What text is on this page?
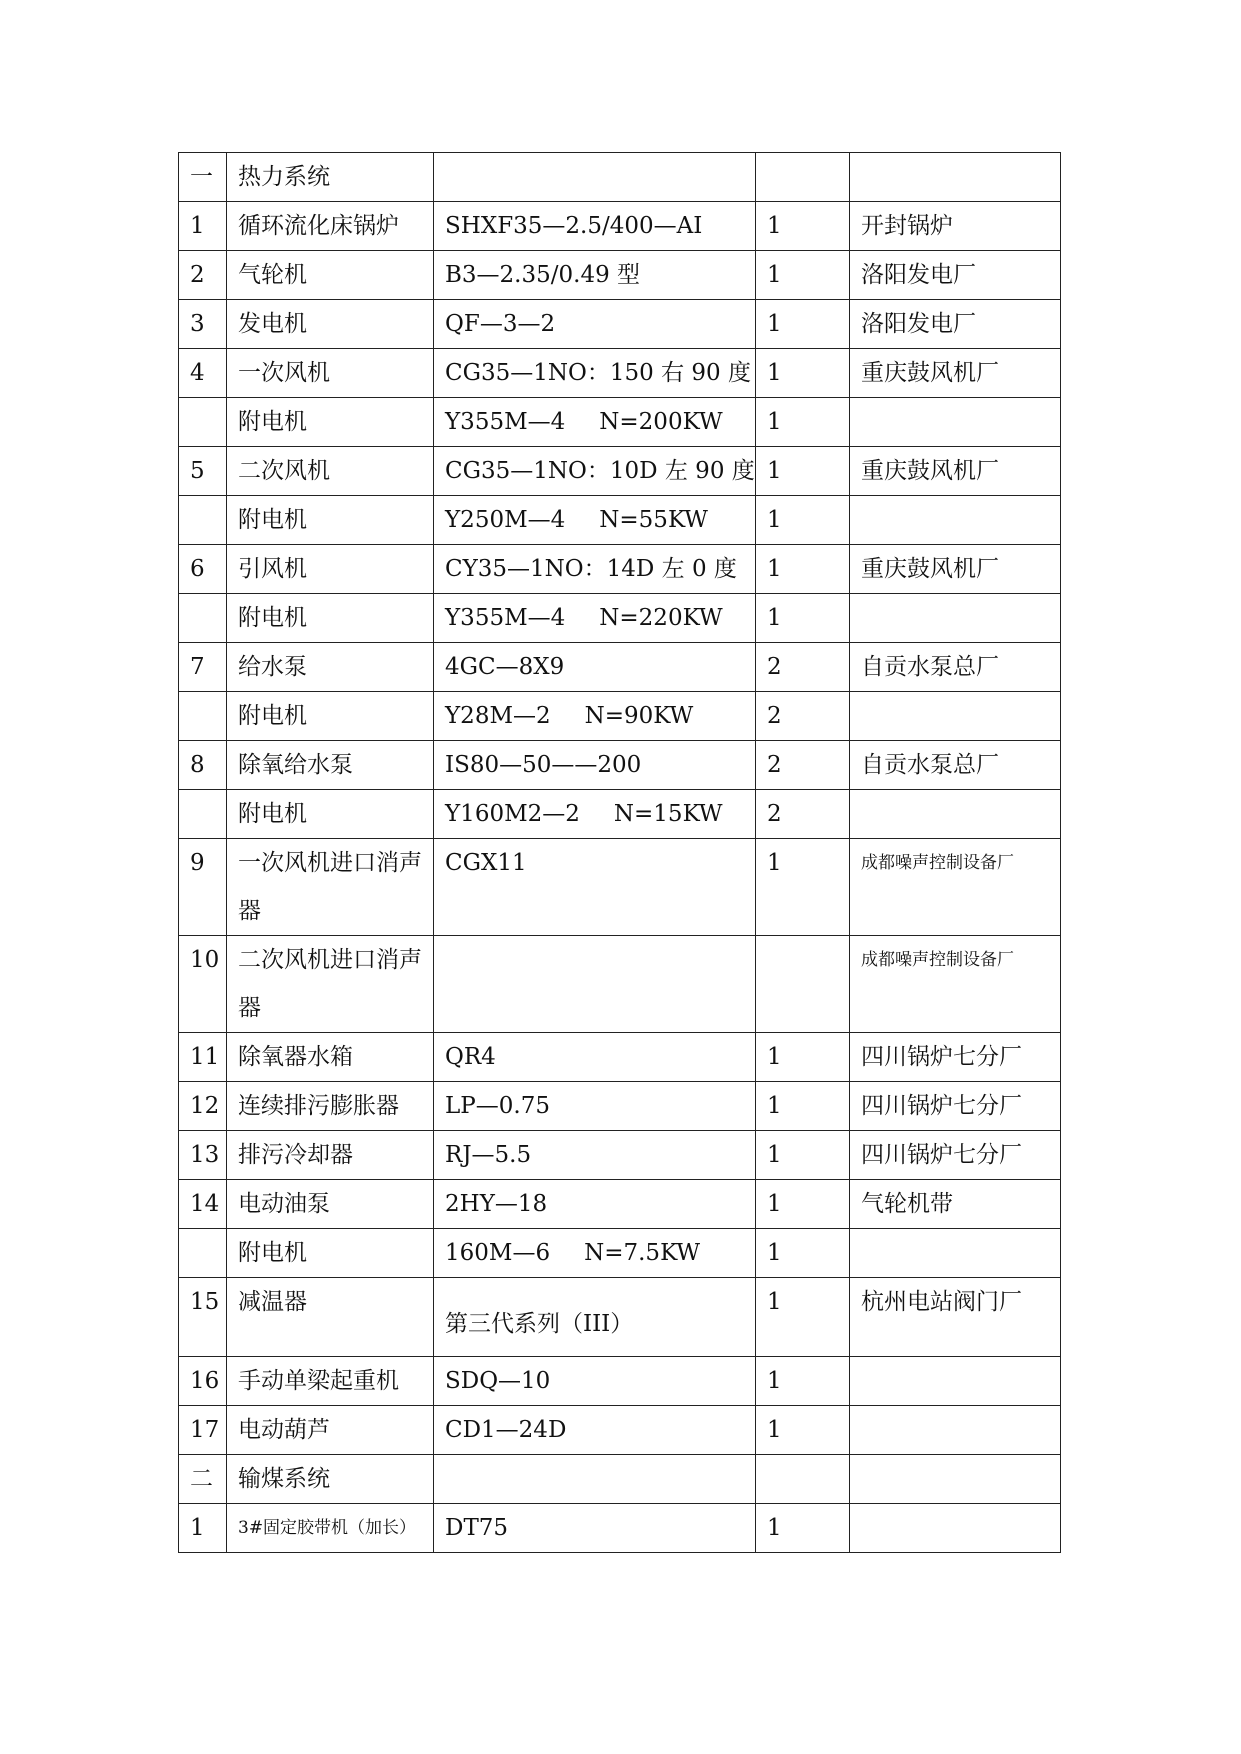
一	热力系统			
1	循环流化床锅炉	SHXF35—2.5/400—AI	1	开封锅炉
2	气轮机	B3—2.35/0.49 型	1	洛阳发电厂
3	发电机	QF—3—2	1	洛阳发电厂
4	一次风机	CG35—1NO：150 右 90 度	1	重庆鼓风机厂
	附电机	Y355M—4 N=200KW	1	
5	二次风机	CG35—1NO：10D 左 90 度	1	重庆鼓风机厂
	附电机	Y250M—4 N=55KW	1	
6	引风机	CY35—1NO：14D 左 0 度	1	重庆鼓风机厂
	附电机	Y355M—4 N=220KW	1	
7	给水泵	4GC—8X9	2	自贡水泵总厂
	附电机	Y28M—2 N=90KW	2	
8	除氧给水泵	IS80—50——200	2	自贡水泵总厂
	附电机	Y160M2—2 N=15KW	2	
9	一次风机进口消声器	CGX11	1	成都噪声控制设备厂
10	二次风机进口消声器			成都噪声控制设备厂
11	除氧器水箱	QR4	1	四川锅炉七分厂
12	连续排污膨胀器	LP—0.75	1	四川锅炉七分厂
13	排污冷却器	RJ—5.5	1	四川锅炉七分厂
14	电动油泵	2HY—18	1	气轮机带
	附电机	160M—6 N=7.5KW	1	
15	减温器	第三代系列（III）	1	杭州电站阀门厂
16	手动单梁起重机	SDQ—10	1	
17	电动葫芦	CD1—24D	1	
二	输煤系统			
1	3#固定胶带机（加长）	DT75	1	
